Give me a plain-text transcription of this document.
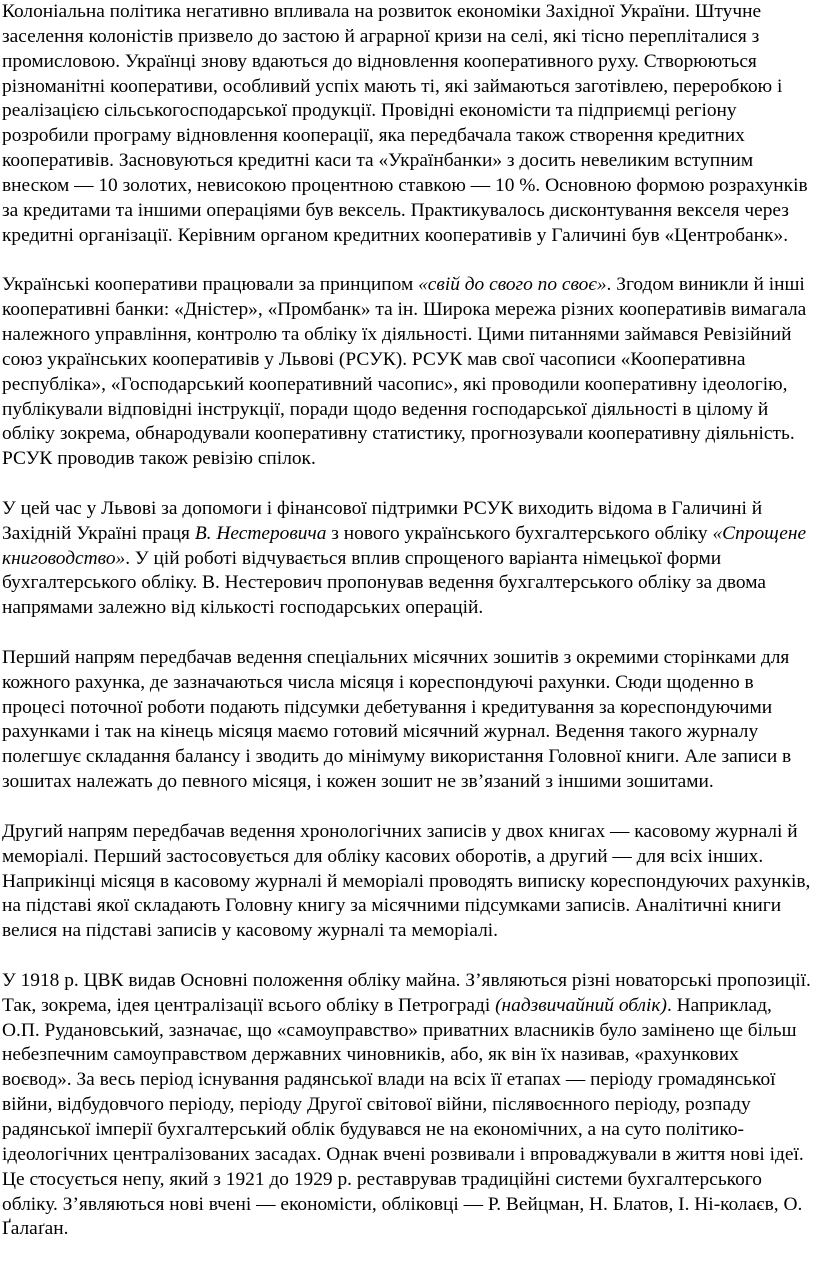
Колоніальна політика негативно впливала на розвиток економіки Західної України. Штучне заселення колоністів призвело до застою й аграрної кризи на селі, які тісно перепліталися з промисловою. Українці знову вдаються до відновлення кооперативного руху. Створюються різноманітні кооперативи, особливий успіх мають ті, які займаються заготівлею, переробкою і реалізацією сільськогосподарської продукції. Провідні економісти та підприємці регіону розробили програму відновлення кооперації, яка передбачала також створення кредитних кооперативів. Засновуються кредитні каси та «Українбанки» з досить невеликим вступним внеском — 10 золотих, невисокою процентною ставкою — 10 %. Основною формою розрахунків за кредитами та іншими операціями був вексель. Практикувалось дисконтування векселя через кредитні організації. Керівним органом кредитних кооперативів у Галичині був «Центробанк».

Українські кооперативи працювали за принципом «свій до свого по своє». Згодом виникли й інші кооперативні банки: «Дністер», «Промбанк» та ін. Широка мережа різних кооперативів вимагала належного управління, контролю та обліку їх діяльності. Цими питаннями займався Ревізійний союз українських кооперативів у Львові (РСУК). РСУК мав свої часописи «Кооперативна республіка», «Господарський кооперативний часопис», які проводили кооперативну ідеологію, публікували відповідні інструкції, поради щодо ведення господарської діяльності в цілому й обліку зокрема, обнародували кооперативну статистику, прогнозували кооперативну діяльність. РСУК проводив також ревізію спілок.

У цей час у Львові за допомоги і фінансової підтримки РСУК виходить відома в Галичині й Західній Україні праця В. Нестеровича з нового українського бухгалтерського обліку «Спрощене книговодство». У цій роботі відчувається вплив спрощеного варіанта німецької форми бухгалтерського обліку. В. Нестерович пропонував ведення бухгалтерського обліку за двома напрямами залежно від кількості господарських операцій.

Перший напрям передбачав ведення спеціальних місячних зошитів з окремими сторінками для кожного рахунка, де зазначаються числа місяця і кореспондуючі рахунки. Сюди щоденно в процесі поточної роботи подають підсумки дебетування і кредитування за кореспондуючими рахунками і так на кінець місяця маємо готовий місячний журнал. Ведення такого журналу полегшує складання балансу і зводить до мінімуму використання Головної книги. Але записи в зошитах належать до певного місяця, і кожен зошит не зв’язаний з іншими зошитами.

Другий напрям передбачав ведення хронологічних записів у двох книгах — касовому журналі й меморіалі. Перший застосовується для обліку касових оборотів, а другий — для всіх інших. Наприкінці місяця в касовому журналі й меморіалі проводять виписку кореспондуючих рахунків, на підставі якої складають Головну книгу за місячними підсумками записів. Аналітичні книги велися на підставі записів у касовому журналі та меморіалі.

У 1918 р. ЦВК видав Основні положення обліку майна. З’являються різні новаторські пропозиції. Так, зокрема, ідея централізації всього обліку в Петрограді (надзвичайний облік). Наприклад, О.П. Рудановський, зазначає, що «самоуправство» приватних власників було замінено ще більш небезпечним самоуправством державних чиновників, або, як він їх називав, «рахункових воєвод». За весь період існування радянської влади на всіх її етапах — періоду громадянської війни, відбудовчого періоду, періоду Другої світової війни, післявоєнного періоду, розпаду радянської імперії бухгалтерський облік будувався не на економічних, а на суто політико-ідеологічних централізованих засадах. Однак вчені розвивали і впроваджували в життя нові ідеї. Це стосується непу, який з 1921 до 1929 р. реставрував традиційні системи бухгалтерського обліку. З’являються нові вчені — економісти, обліковці — Р. Вейцман, Н. Блатов, І. Ні-колаєв, О. Ґалаґан.
